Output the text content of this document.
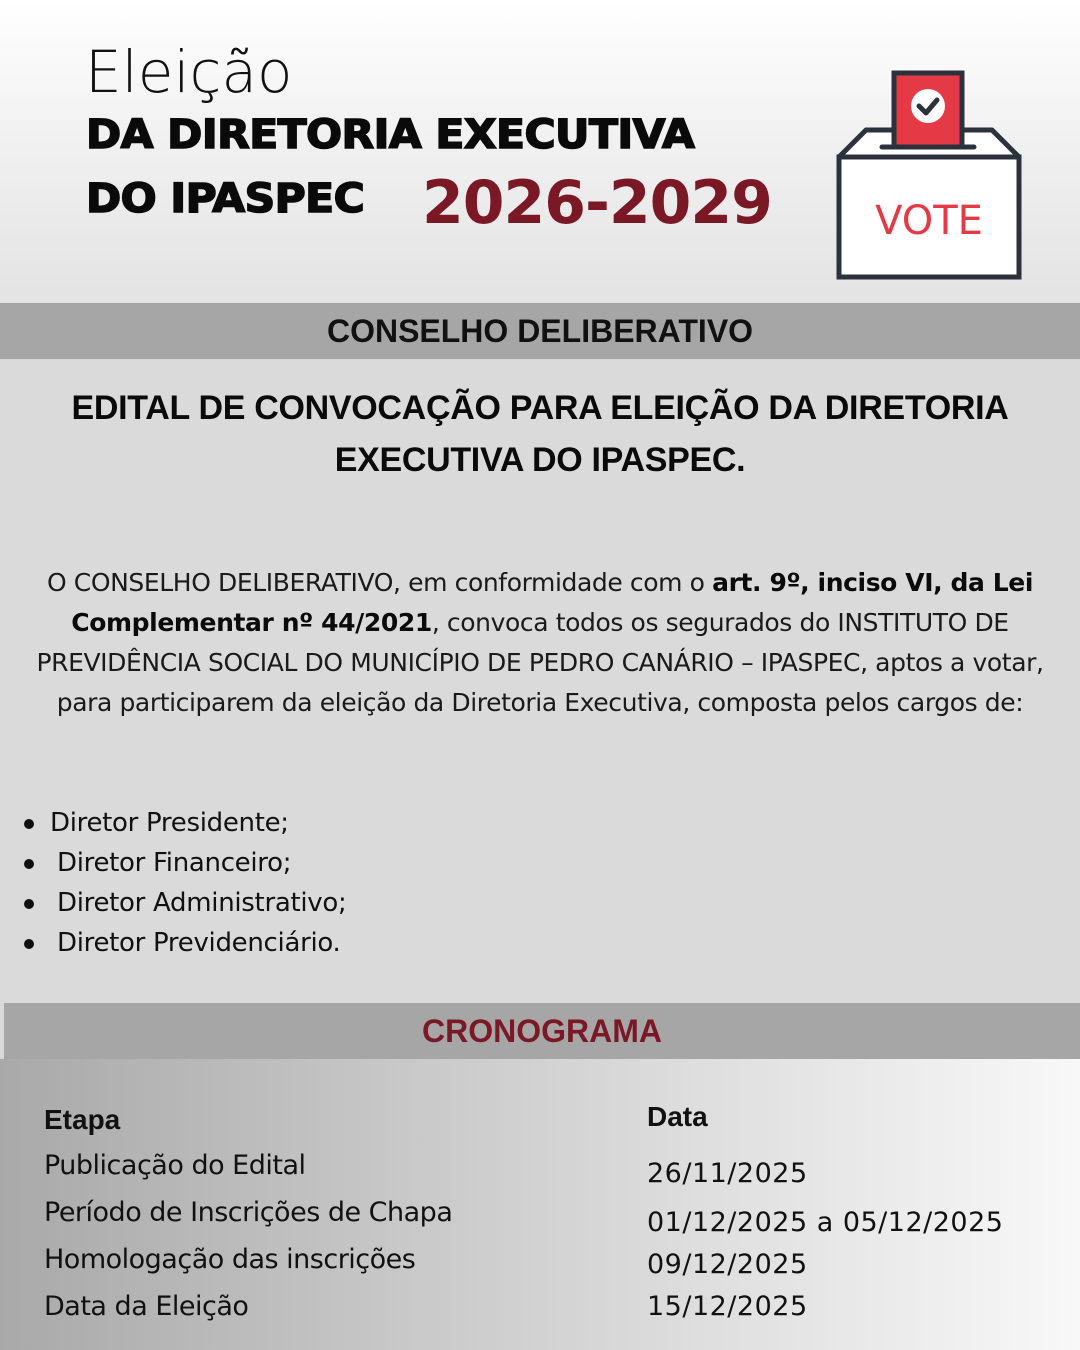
Eleição
DA DIRETORIA EXECUTIVA
DO IPASPEC 2026-2029	VOTE
CONSELHO DELIBERATIVO
EDITAL DE CONVOCAÇÃO PARA ELEIÇÃO DA DIRETORIA
EXECUTIVA DO IPASPEC.

O CONSELHO DELIBERATIVO, em conformidade com o art. 9º, inciso VI, da Lei Complementar nº 44/2021, convoca todos os segurados do INSTITUTO DE PREVIDÊNCIA SOCIAL DO MUNICÍPIO DE PEDRO CANÁRIO – IPASPEC, aptos a votar, para participarem da eleição da Diretoria Executiva, composta pelos cargos de:

Diretor Presidente;
Diretor Financeiro;
Diretor Administrativo;
Diretor Previdenciário.
CRONOGRAMA
Etapa	Data
Publicação do Edital	26/11/2025
Período de Inscrições de Chapa	01/12/2025 a 05/12/2025
Homologação das inscrições	09/12/2025
Data da Eleição	15/12/2025
